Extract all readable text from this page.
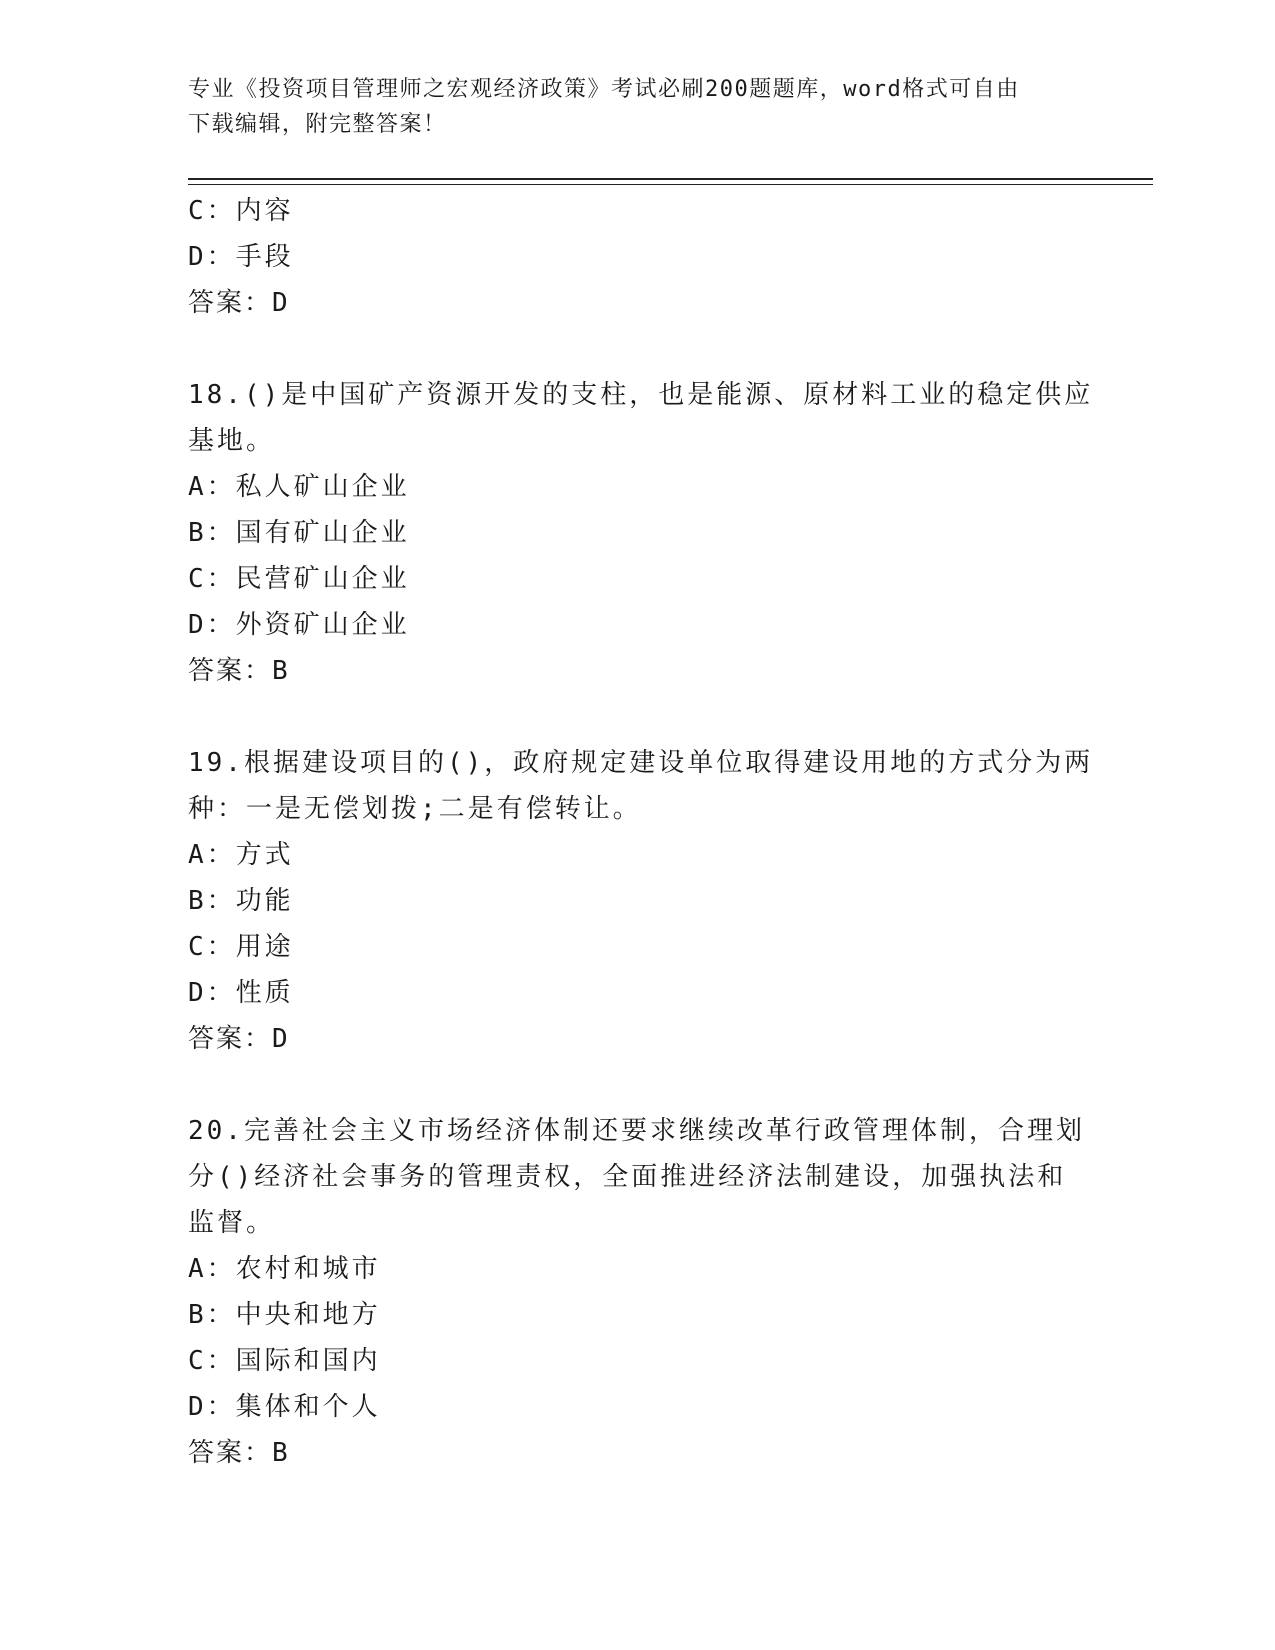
专业《投资项目管理师之宏观经济政策》考试必刷200题题库，word格式可自由
下载编辑，附完整答案！
C：内容
D：手段
答案：D
18.()是中国矿产资源开发的支柱，也是能源、原材料工业的稳定供应
基地。
A：私人矿山企业
B：国有矿山企业
C：民营矿山企业
D：外资矿山企业
答案：B
19.根据建设项目的()，政府规定建设单位取得建设用地的方式分为两
种：一是无偿划拨;二是有偿转让。
A：方式
B：功能
C：用途
D：性质
答案：D
20.完善社会主义市场经济体制还要求继续改革行政管理体制，合理划
分()经济社会事务的管理责权，全面推进经济法制建设，加强执法和
监督。
A：农村和城市
B：中央和地方
C：国际和国内
D：集体和个人
答案：B
